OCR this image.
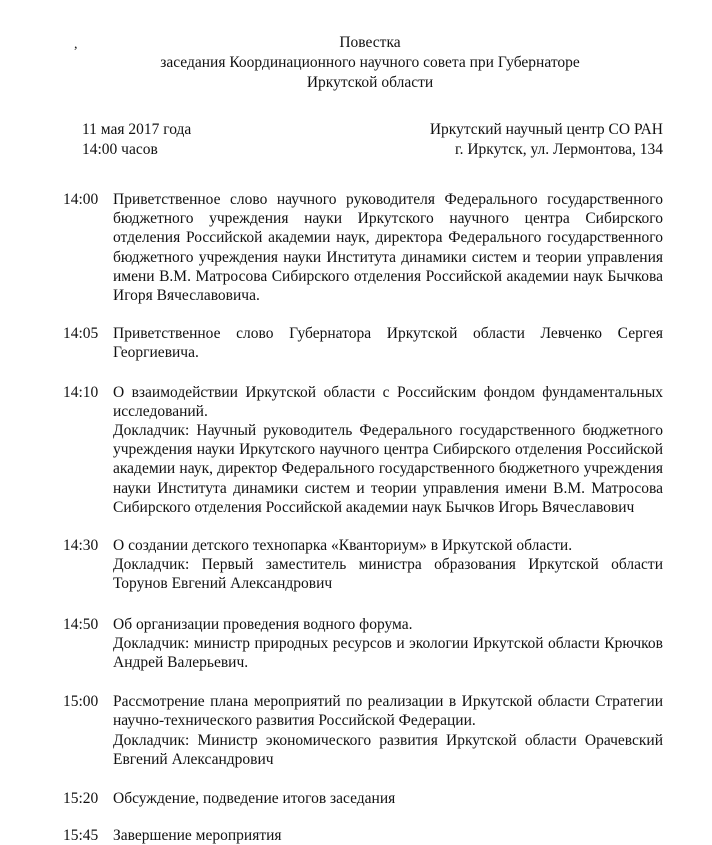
,	Повестка
заседания Координационного научного совета при Губернаторе
Иркутской области
11 мая 2017 года
14:00 часов
Иркутский научный центр СО РАН
г. Иркутск, ул. Лермонтова, 134
14:00 Приветственное слово научного руководителя Федерального государственного бюджетного учреждения науки Иркутского научного центра Сибирского отделения Российской академии наук, директора Федерального государственного бюджетного учреждения науки Института динамики систем и теории управления имени В.М. Матросова Сибирского отделения Российской академии наук Бычкова Игоря Вячеславовича.

14:05 Приветственное слово Губернатора Иркутской области Левченко Сергея Георгиевича.

14:10 О взаимодействии Иркутской области с Российским фондом фундаментальных исследований.

Докладчик: Научный руководитель Федерального государственного бюджетного учреждения науки Иркутского научного центра Сибирского отделения Российской академии наук, директор Федерального государственного бюджетного учреждения науки Института динамики систем и теории управления имени В.М. Матросова Сибирского отделения Российской академии наук Бычков Игорь Вячеславович

14:30 О создании детского технопарка «Кванториум» в Иркутской области.

Докладчик: Первый заместитель министра образования Иркутской области Торунов Евгений Александрович

14:50 Об организации проведения водного форума.

Докладчик: министр природных ресурсов и экологии Иркутской области Крючков Андрей Валерьевич.

15:00 Рассмотрение плана мероприятий по реализации в Иркутской области Стратегии научно-технического развития Российской Федерации.

Докладчик: Министр экономического развития Иркутской области Орачевский Евгений Александрович

15:20 Обсуждение, подведение итогов заседания

15:45 Завершение мероприятия
